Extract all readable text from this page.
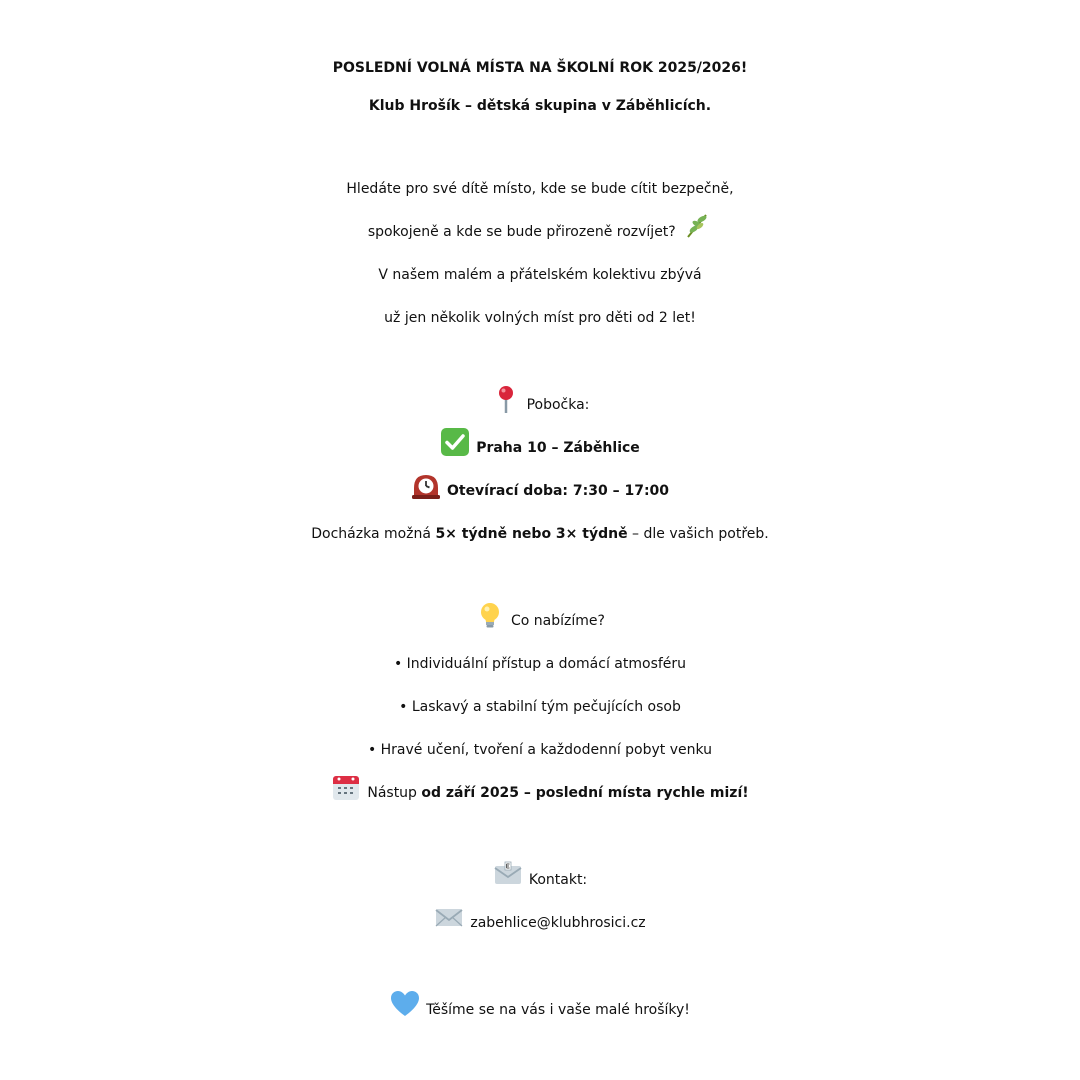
POSLEDNÍ VOLNÁ MÍSTA NA ŠKOLNÍ ROK 2025/2026!
Klub Hrošík – dětská skupina v Záběhlicích.
Hledáte pro své dítě místo, kde se bude cítit bezpečně,
spokojeně a kde se bude přirozeně rozvíjet?
V našem malém a přátelském kolektivu zbývá
už jen několik volných míst pro děti od 2 let!
Pobočka:
Praha 10 – Záběhlice
Otevírací doba: 7:30 – 17:00
Docházka možná 5× týdně nebo 3× týdně – dle vašich potřeb.
Co nabízíme?
• Individuální přístup a domácí atmosféru
• Laskavý a stabilní tým pečujících osob
• Hravé učení, tvoření a každodenní pobyt venku
Nástup od září 2025 – poslední místa rychle mizí!
Kontakt:
zabehlice@klubhrosici.cz
Těšíme se na vás i vaše malé hrošíky!
